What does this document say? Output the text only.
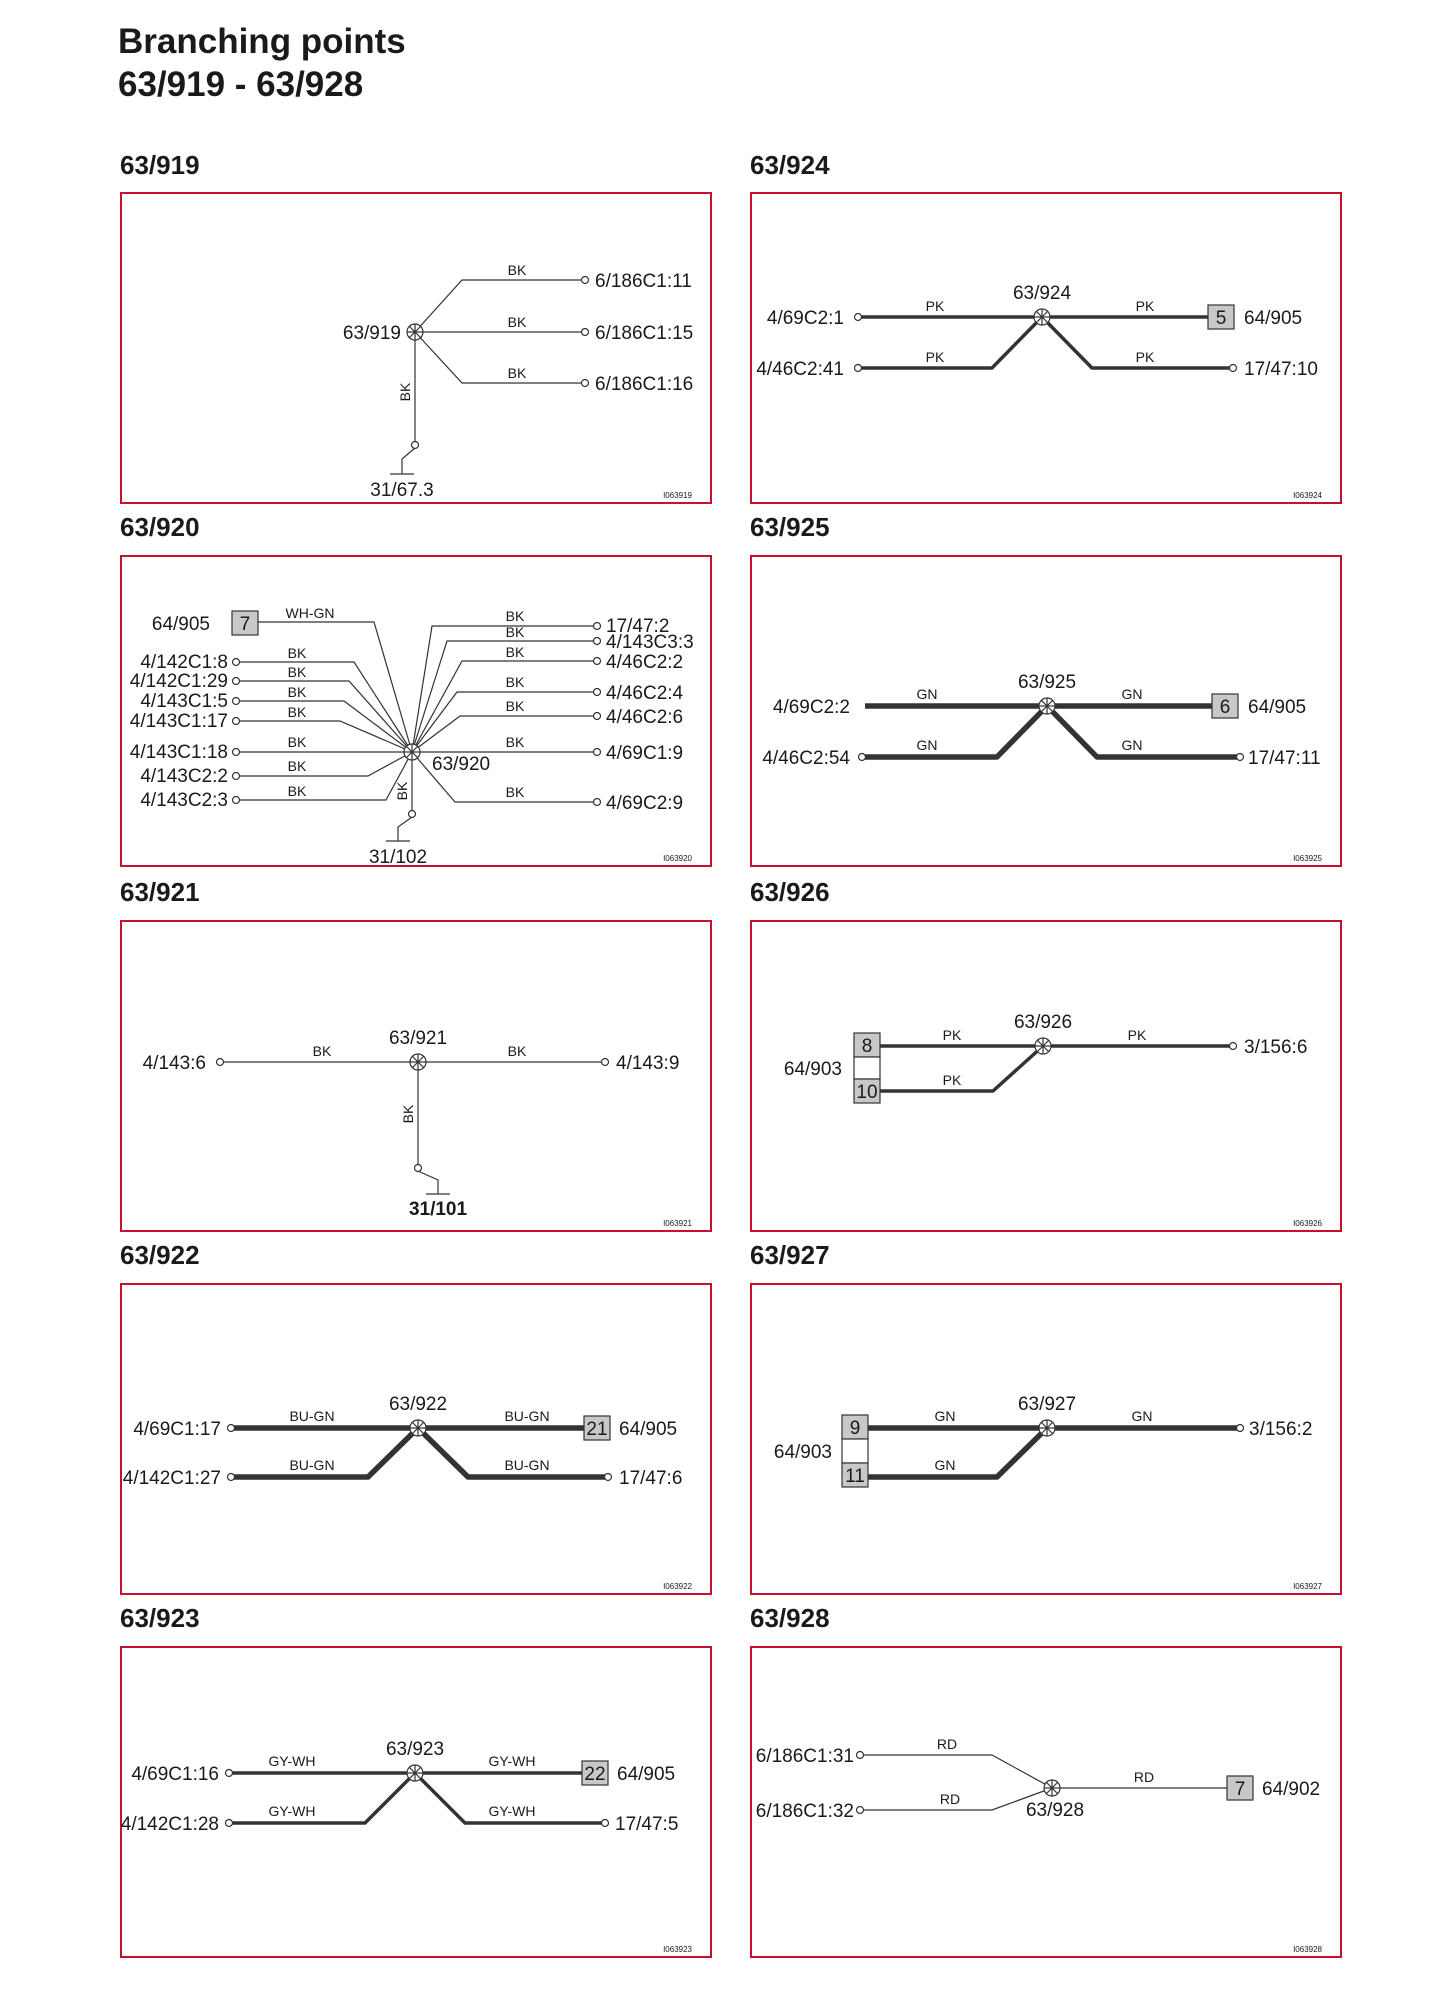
Branching points
63/919 - 63/928
63/919
63/919
BK
BK
BK
6/186C1:11
6/186C1:15
6/186C1:16
BK
31/67.3	I063919
63/924
63/924
4/69C2:1
4/46C2:41
PK
PK
PK
PK
5 64/905
17/47:10
I063924
63/920
64/905 7
WH-GN
4/142C1:8
4/142C1:29
4/143C1:5
4/143C1:17
4/143C1:18
4/143C2:2
4/143C2:3
BK
BK
BK
BK
BK
BK
BK
17/47:2
4/143C3:3
4/46C2:2
4/46C2:4
4/46C2:6
4/69C1:9
4/69C2:9
BK
BK
BK
BK
BK
BK
BK
63/920
BK
31/102	I063920
63/925
63/925
4/69C2:2
4/46C2:54
GN
GN
GN
GN
6 64/905
17/47:11
I063925
63/921
63/921
4/143:6
BK	BK
4/143:9
BK
31/101
I063921
63/926
8
10
64/903
63/926
PK
PK
PK
3/156:6
I063926
63/922
63/922
4/69C1:17
4/142C1:27
BU-GN
BU-GN
BU-GN
BU-GN
21 64/905
17/47:6
I063922
63/927
9
11
64/903
63/927
GN
GN
GN
3/156:2
I063927
63/923
63/923
4/69C1:16
4/142C1:28
GY-WH
GY-WH
GY-WH
GY-WH
22 64/905
17/47:5
I063923
63/928
6/186C1:31
6/186C1:32
RD
RD
RD
63/928
7 64/902
I063928
